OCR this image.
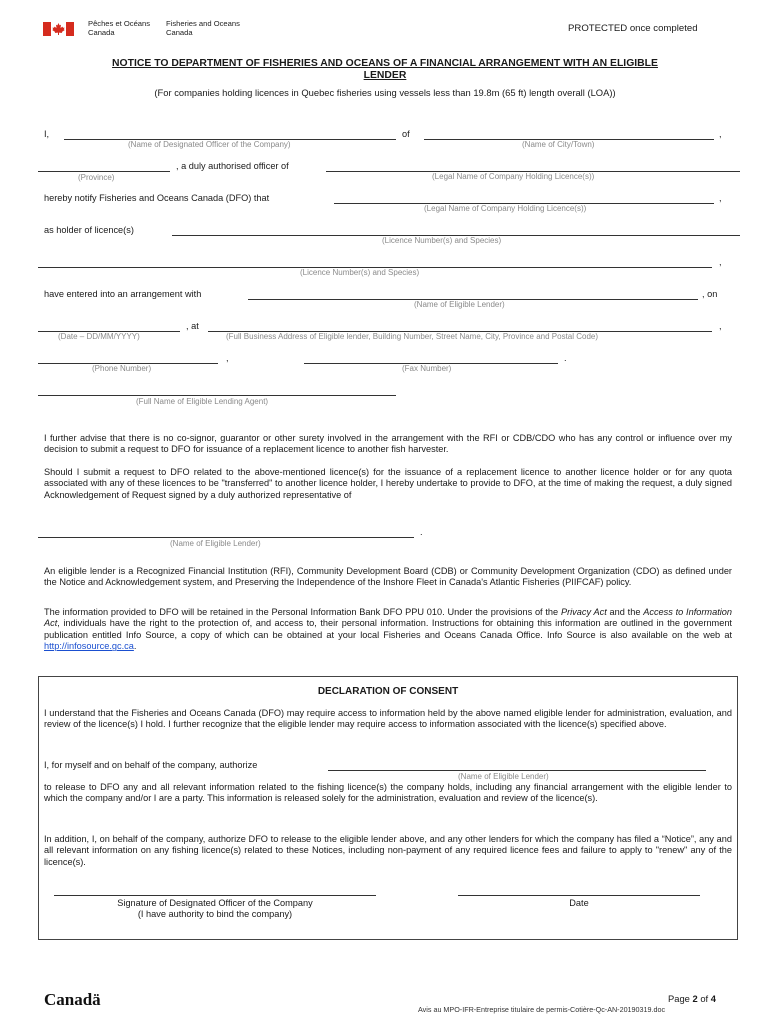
Pêches et Océans
Canada
Fisheries and Oceans
Canada	PROTECTED once completed
NOTICE TO DEPARTMENT OF FISHERIES AND OCEANS OF A FINANCIAL ARRANGEMENT WITH AN ELIGIBLE
LENDER
(For companies holding licences in Quebec fisheries using vessels less than 19.8m (65 ft) length overall (LOA))
I,	of	,
(Name of Designated Officer of the Company)	(Name of City/Town)
, a duly authorised officer of
(Province)	(Legal Name of Company Holding Licence(s))
hereby notify Fisheries and Oceans Canada (DFO) that	,
(Legal Name of Company Holding Licence(s))
as holder of licence(s)
(Licence Number(s) and Species)
,
(Licence Number(s) and Species)
have entered into an arrangement with	, on
(Name of Eligible Lender)
, at	,
(Date – DD/MM/YYYY)	(Full Business Address of Eligible lender, Building Number, Street Name, City, Province and Postal Code)
,	.
(Phone Number)	(Fax Number)
(Full Name of Eligible Lending Agent)
I further advise that there is no co-signor, guarantor or other surety involved in the arrangement with the RFI or CDB/CDO who has any control or influence over my decision to submit a request to DFO for issuance of a replacement licence to another fish harvester.
Should I submit a request to DFO related to the above-mentioned licence(s) for the issuance of a replacement licence to another licence holder or for any quota associated with any of these licences to be "transferred" to another licence holder, I hereby undertake to provide to DFO, at the time of making the request, a duly signed Acknowledgement of Request signed by a duly authorized representative of
.
(Name of Eligible Lender)
An eligible lender is a Recognized Financial Institution (RFI), Community Development Board (CDB) or Community Development Organization (CDO) as defined under the Notice and Acknowledgement system, and Preserving the Independence of the Inshore Fleet in Canada's Atlantic Fisheries (PIIFCAF) policy.
The information provided to DFO will be retained in the Personal Information Bank DFO PPU 010. Under the provisions of the Privacy Act and the Access to Information Act, individuals have the right to the protection of, and access to, their personal information. Instructions for obtaining this information are outlined in the government publication entitled Info Source, a copy of which can be obtained at your local Fisheries and Oceans Canada Office. Info Source is also available on the web at http://infosource.gc.ca.
DECLARATION OF CONSENT
I understand that the Fisheries and Oceans Canada (DFO) may require access to information held by the above named eligible lender for administration, evaluation, and review of the licence(s) I hold. I further recognize that the eligible lender may require access to information associated with the licence(s) specified above.
I, for myself and on behalf of the company, authorize
(Name of Eligible Lender)
to release to DFO any and all relevant information related to the fishing licence(s) the company holds, including any financial arrangement with the eligible lender to which the company and/or I are a party. This information is released solely for the administration, evaluation and review of the licence(s).
In addition, I, on behalf of the company, authorize DFO to release to the eligible lender above, and any other lenders for which the company has filed a “Notice”, any and all relevant information on any fishing licence(s) related to these Notices, including non-payment of any required licence fees and failure to apply to "renew" any of the licence(s).
Signature of Designated Officer of the Company
(I have authority to bind the company)
Date
Canadä	Page 2 of 4
Avis au MPO-IFR-Entreprise titulaire de permis-Cotière-Qc-AN-20190319.doc
